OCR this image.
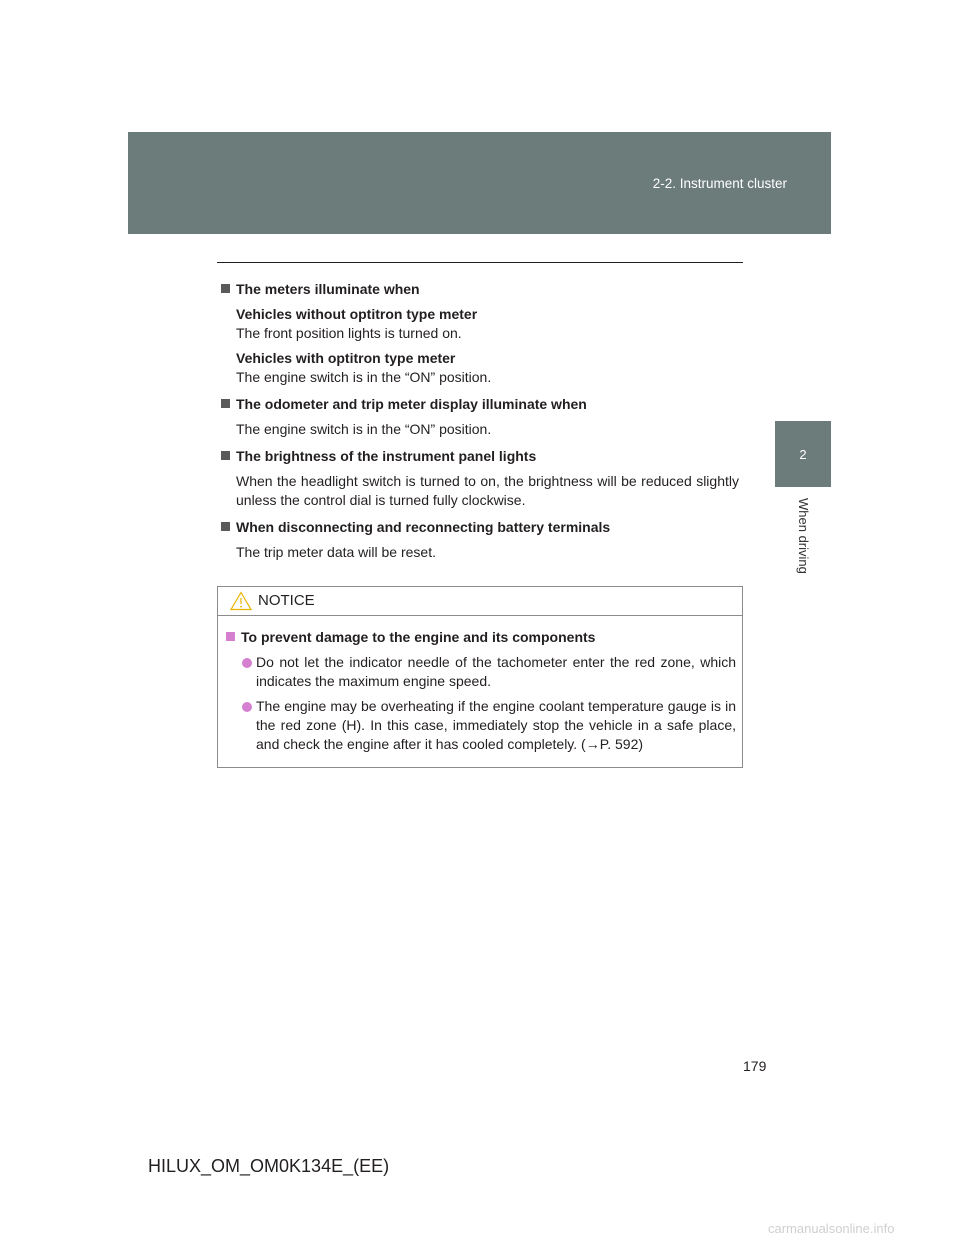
2-2. Instrument cluster
2
When driving

The meters illuminate when

Vehicles without optitron type meter
The front position lights is turned on.

Vehicles with optitron type meter
The engine switch is in the “ON” position.

The odometer and trip meter display illuminate when

The engine switch is in the “ON” position.

The brightness of the instrument panel lights

When the headlight switch is turned to on, the brightness will be reduced slightly unless the control dial is turned fully clockwise.

When disconnecting and reconnecting battery terminals

The trip meter data will be reset.

NOTICE

To prevent damage to the engine and its components

Do not let the indicator needle of the tachometer enter the red zone, which indicates the maximum engine speed.
The engine may be overheating if the engine coolant temperature gauge is in the red zone (H). In this case, immediately stop the vehicle in a safe place, and check the engine after it has cooled completely. (→P. 592)
179
HILUX_OM_OM0K134E_(EE)
carmanualsonline.info
